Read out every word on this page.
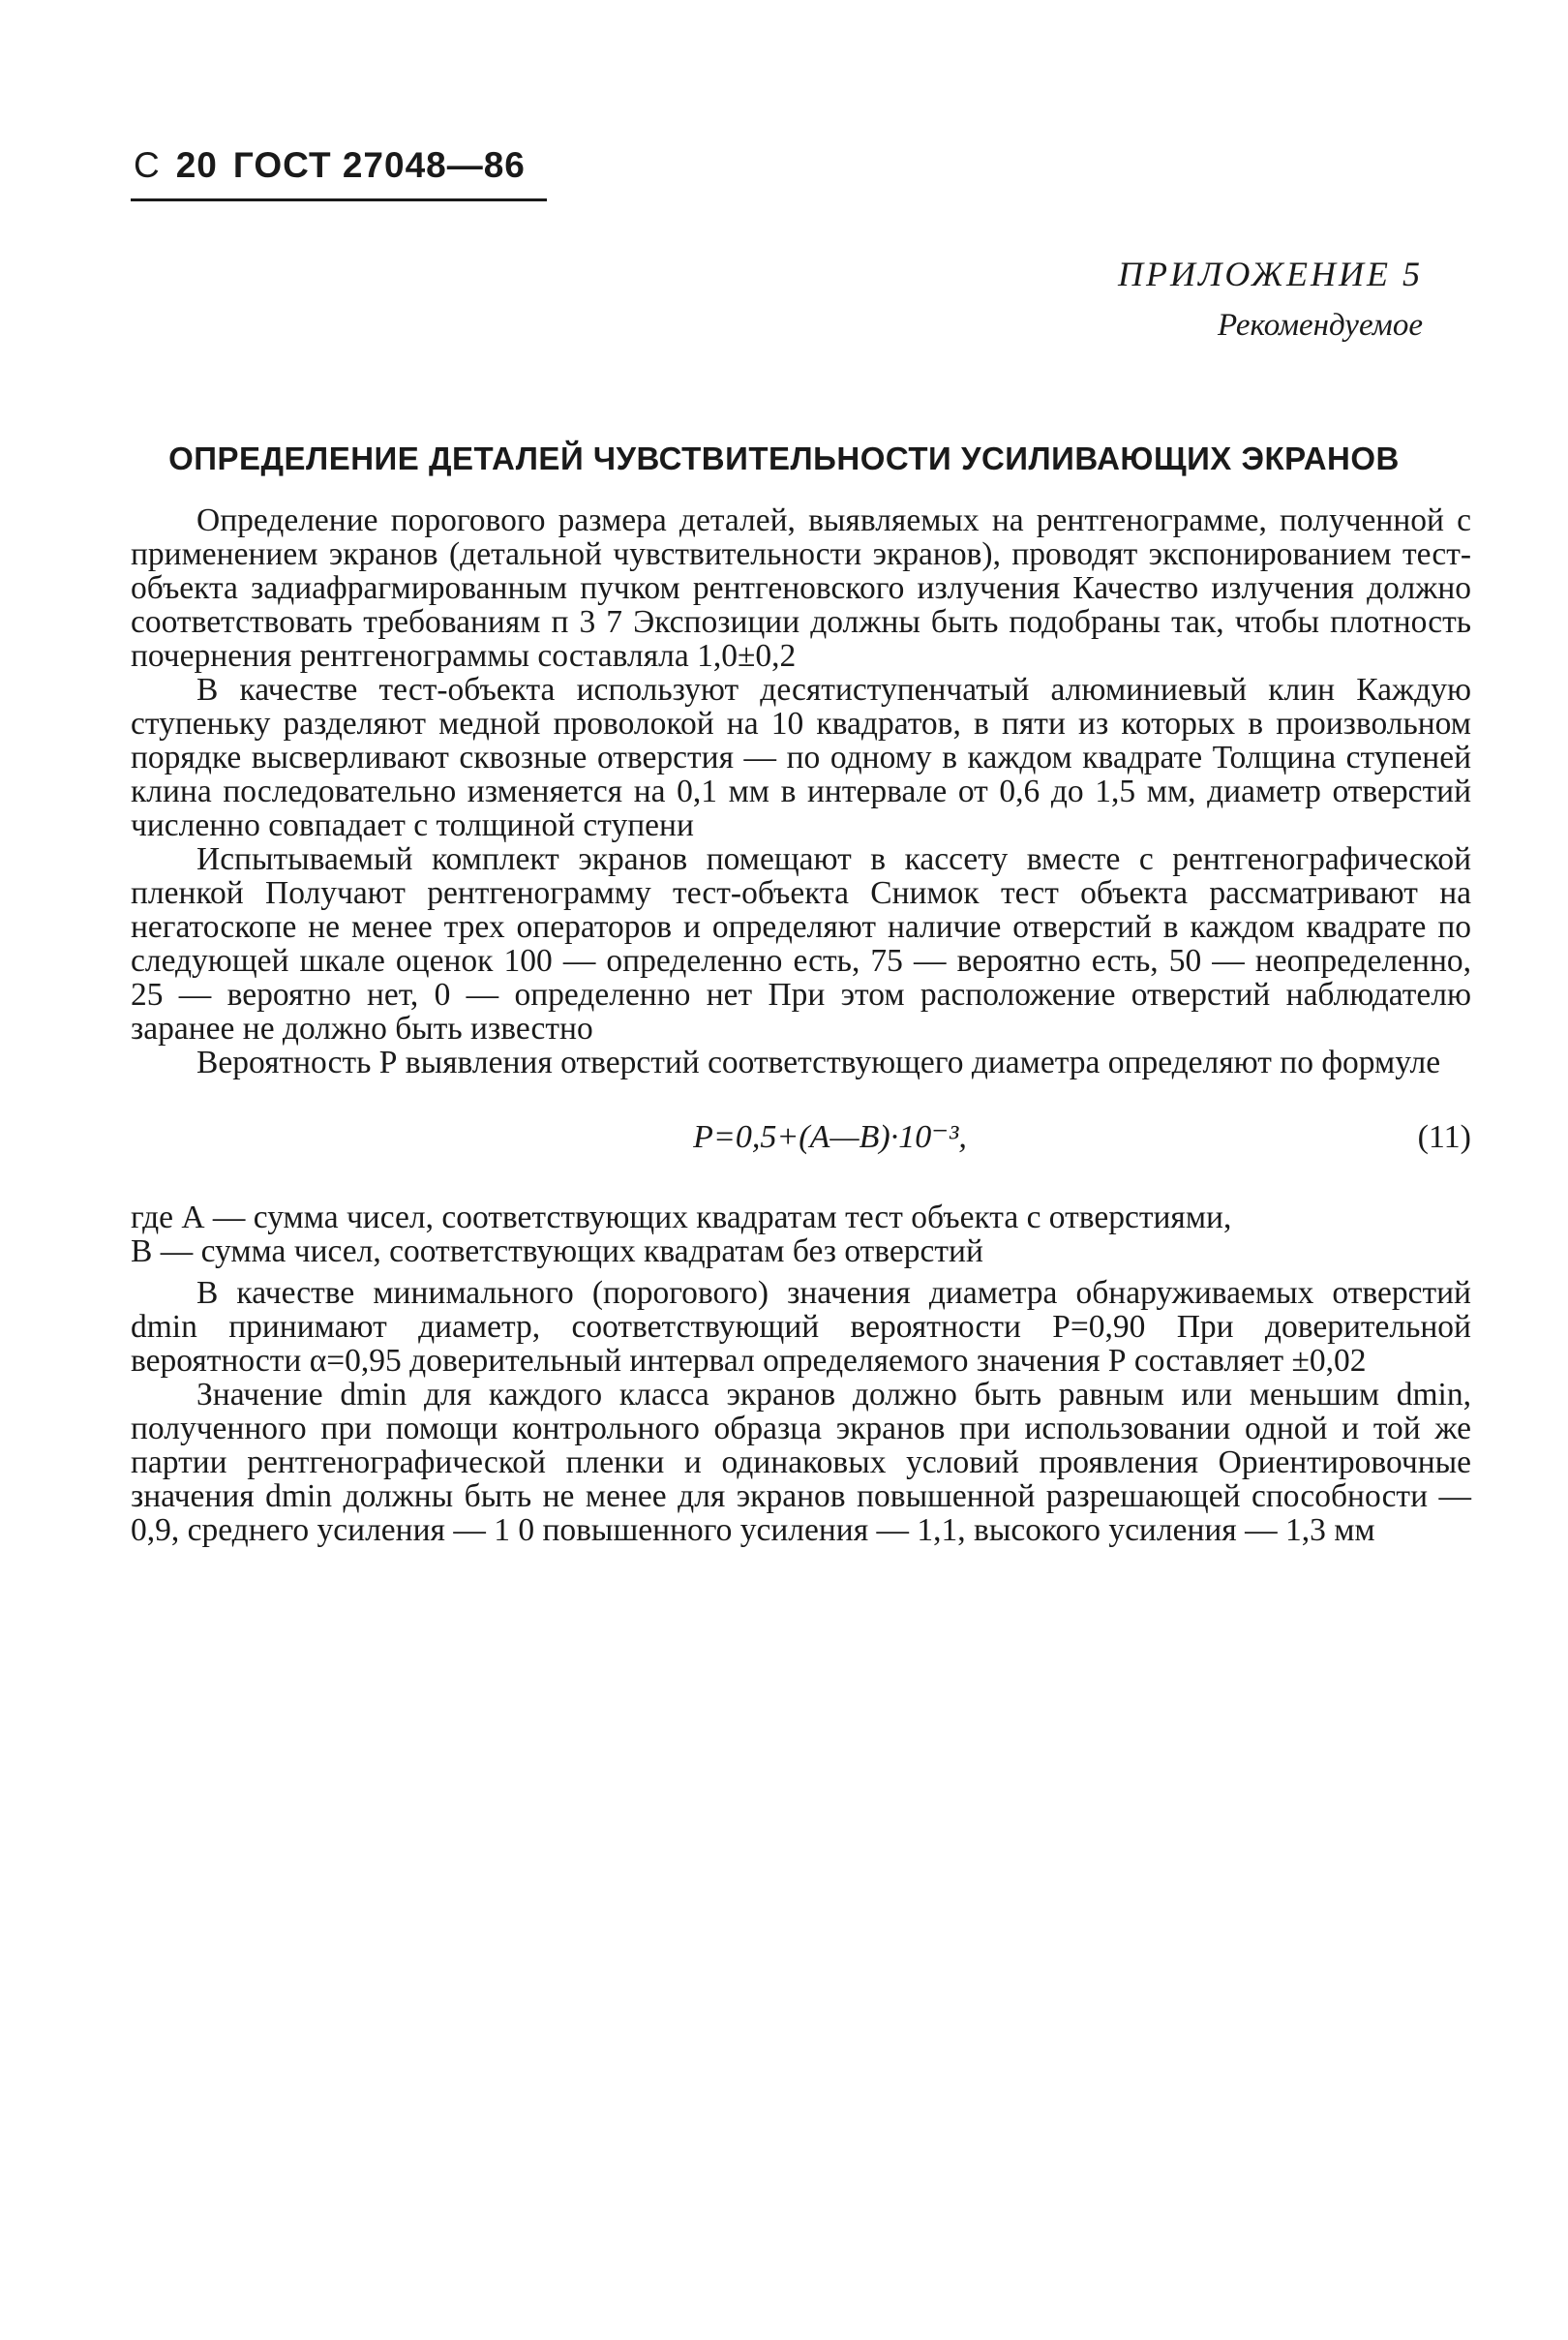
С 20 ГОСТ 27048—86
ПРИЛОЖЕНИЕ 5
Рекомендуемое
ОПРЕДЕЛЕНИЕ ДЕТАЛЕЙ ЧУВСТВИТЕЛЬНОСТИ УСИЛИВАЮЩИХ ЭКРАНОВ

Определение порогового размера деталей, выявляемых на рентгенограмме, полученной с применением экранов (детальной чувствительности экранов), проводят экспонированием тест-объекта задиафрагмированным пучком рентгеновского излучения Качество излучения должно соответствовать требованиям п 3 7 Экспозиции должны быть подобраны так, чтобы плотность почернения рентгенограммы составляла 1,0±0,2

В качестве тест-объекта используют десятиступенчатый алюминиевый клин Каждую ступеньку разделяют медной проволокой на 10 квадратов, в пяти из которых в произвольном порядке высверливают сквозные отверстия — по одному в каждом квадрате Толщина ступеней клина последовательно изменяется на 0,1 мм в интервале от 0,6 до 1,5 мм, диаметр отверстий численно совпадает с толщиной ступени

Испытываемый комплект экранов помещают в кассету вместе с рентгенографической пленкой Получают рентгенограмму тест-объекта Снимок тест объекта рассматривают на негатоскопе не менее трех операторов и определяют наличие отверстий в каждом квадрате по следующей шкале оценок 100 — определенно есть, 75 — вероятно есть, 50 — неопределенно, 25 — вероятно нет, 0 — определенно нет При этом расположение отверстий наблюдателю заранее не должно быть известно

Вероятность Р выявления отверстий соответствующего диаметра определяют по формуле

P=0,5+(A—B)·10⁻³,	(11)

где А — сумма чисел, соответствующих квадратам тест объекта с отверстиями,

В — сумма чисел, соответствующих квадратам без отверстий

В качестве минимального (порогового) значения диаметра обнаруживаемых отверстий dmin принимают диаметр, соответствующий вероятности Р=0,90 При доверительной вероятности α=0,95 доверительный интервал определяемого значения Р составляет ±0,02

Значение dmin для каждого класса экранов должно быть равным или меньшим dmin, полученного при помощи контрольного образца экранов при использовании одной и той же партии рентгенографической пленки и одинаковых условий проявления Ориентировочные значения dmin должны быть не менее для экранов повышенной разрешающей способности — 0,9, среднего усиления — 1 0 повышенного усиления — 1,1, высокого усиления — 1,3 мм
